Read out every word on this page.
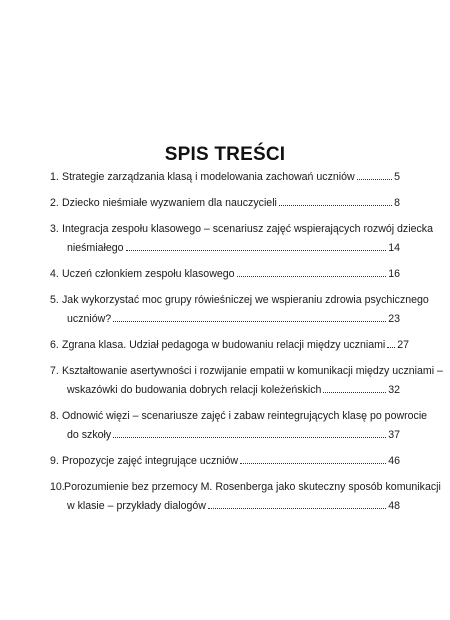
SPIS TREŚCI
1. Strategie zarządzania klasą i modelowania zachowań uczniów	5
2. Dziecko nieśmiałe wyzwaniem dla nauczycieli	8
3. Integracja zespołu klasowego – scenariusz zajęć wspierających rozwój dziecka
nieśmiałego	14
4. Uczeń członkiem zespołu klasowego	16
5. Jak wykorzystać moc grupy rówieśniczej we wspieraniu zdrowia psychicznego
uczniów?	23
6. Zgrana klasa. Udział pedagoga w budowaniu relacji między uczniami 27
7. Kształtowanie asertywności i rozwijanie empatii w komunikacji między uczniami –
wskazówki do budowania dobrych relacji koleżeńskich	32
8. Odnowić więzi – scenariusze zajęć i zabaw reintegrujących klasę po powrocie
do szkoły	37
9. Propozycje zajęć integrujące uczniów	46
10. Porozumienie bez przemocy M. Rosenberga jako skuteczny sposób komunikacji
w klasie – przykłady dialogów	48
